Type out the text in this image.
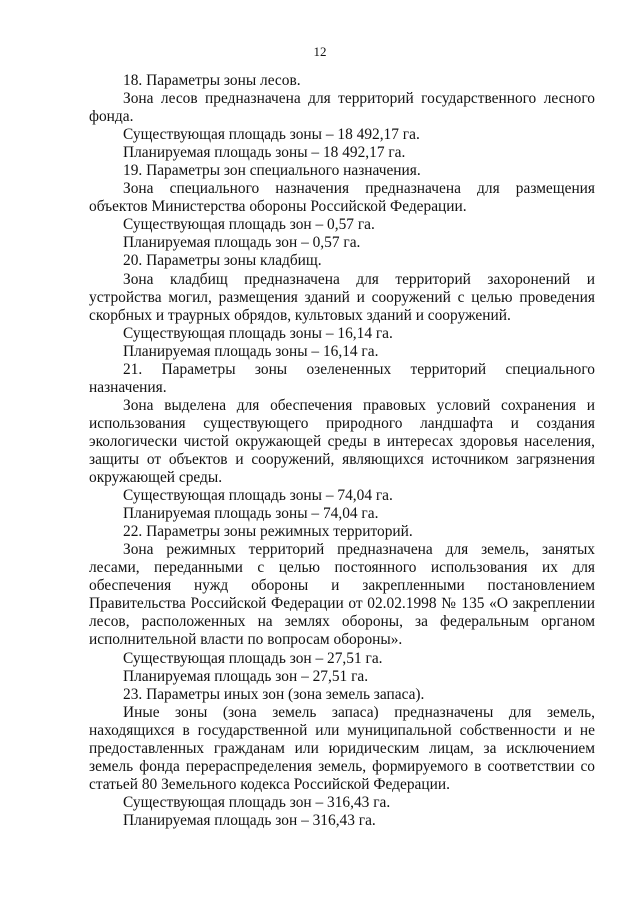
12

18. Параметры зоны лесов.

Зона лесов предназначена для территорий государственного лесного фонда.

Существующая площадь зоны – 18 492,17 га.

Планируемая площадь зоны – 18 492,17 га.

19. Параметры зон специального назначения.

Зона специального назначения предназначена для размещения объектов Министерства обороны Российской Федерации.

Существующая площадь зон – 0,57 га.

Планируемая площадь зон – 0,57 га.

20. Параметры зоны кладбищ.

Зона кладбищ предназначена для территорий захоронений и устройства могил, размещения зданий и сооружений с целью проведения скорбных и траурных обрядов, культовых зданий и сооружений.

Существующая площадь зоны – 16,14 га.

Планируемая площадь зоны – 16,14 га.

21. Параметры зоны озелененных территорий специального назначения.

Зона выделена для обеспечения правовых условий сохранения и использования существующего природного ландшафта и создания экологически чистой окружающей среды в интересах здоровья населения, защиты от объектов и сооружений, являющихся источником загрязнения окружающей среды.

Существующая площадь зоны – 74,04 га.

Планируемая площадь зоны – 74,04 га.

22. Параметры зоны режимных территорий.

Зона режимных территорий предназначена для земель, занятых лесами, переданными с целью постоянного использования их для обеспечения нужд обороны и закрепленными постановлением Правительства Российской Федерации от 02.02.1998 № 135 «О закреплении лесов, расположенных на землях обороны, за федеральным органом исполнительной власти по вопросам обороны».

Существующая площадь зон – 27,51 га.

Планируемая площадь зон – 27,51 га.

23. Параметры иных зон (зона земель запаса).

Иные зоны (зона земель запаса) предназначены для земель, находящихся в государственной или муниципальной собственности и не предоставленных гражданам или юридическим лицам, за исключением земель фонда перераспределения земель, формируемого в соответствии со статьей 80 Земельного кодекса Российской Федерации.

Существующая площадь зон – 316,43 га.

Планируемая площадь зон – 316,43 га.
